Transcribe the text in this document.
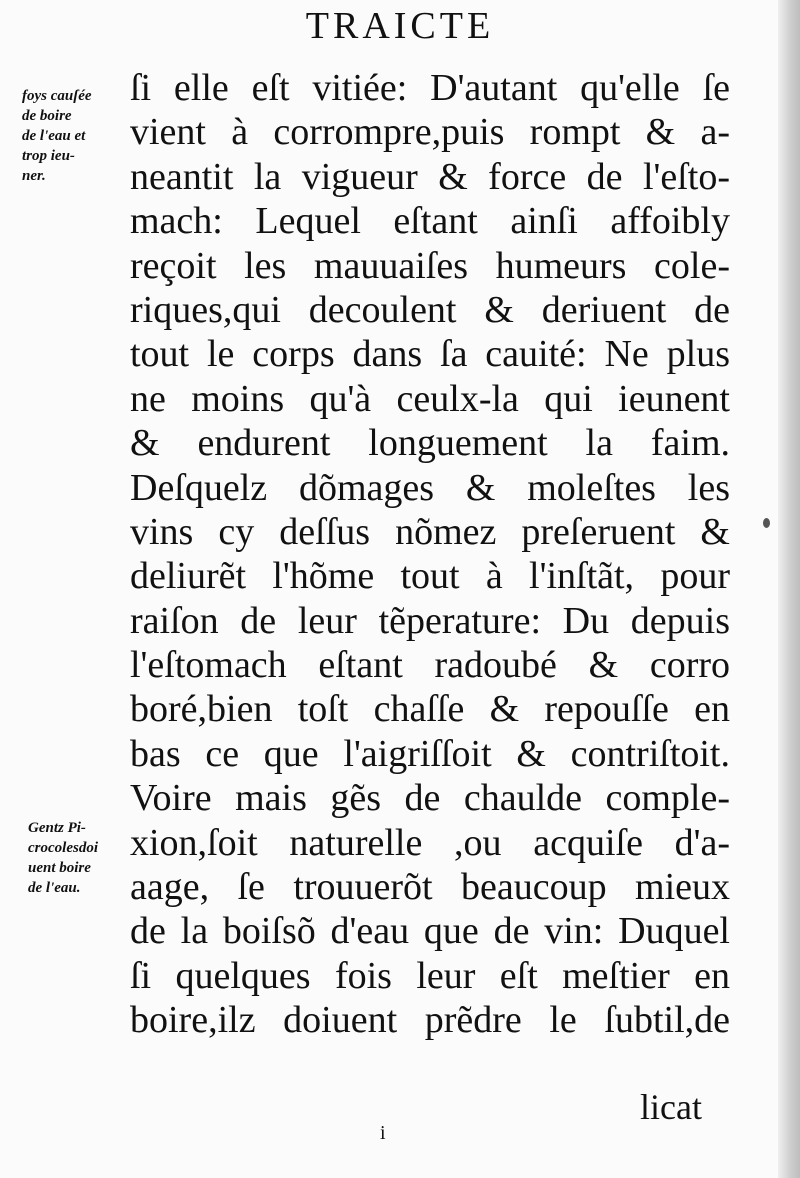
TRAICTE
foys cauſée
de boire
de l'eau et
trop ieu-
ner.
Gentz Pi-
crocolesdoi
uent boire
de l'eau.
ſi elle eſt vitiée: D'autant qu'elle ſe
vient à corrompre,puis rompt & a-
neantit la vigueur & force de l'eſto-
mach: Lequel eſtant ainſi affoibly
reçoit les mauuaiſes humeurs cole-
riques,qui decoulent & deriuent de
tout le corps dans ſa cauité: Ne plus
ne moins qu'à ceulx-la qui ieunent
& endurent longuement la faim.
Deſquelz dõmages & moleſtes les
vins cy deſſus nõmez preſeruent &
deliurẽt l'hõme tout à l'inſtãt, pour
raiſon de leur tẽperature: Du depuis
l'eſtomach eſtant radoubé & corro
boré,bien toſt chaſſe & repouſſe en
bas ce que l'aigriſſoit & contriſtoit.
Voire mais gẽs de chaulde comple-
xion,ſoit naturelle ,ou acquiſe d'a-
aage, ſe trouuerõt beaucoup mieux
de la boiſsõ d'eau que de vin: Duquel
ſi quelques fois leur eſt meſtier en
boire,ilz doiuent prẽdre le ſubtil,de
licat
i
